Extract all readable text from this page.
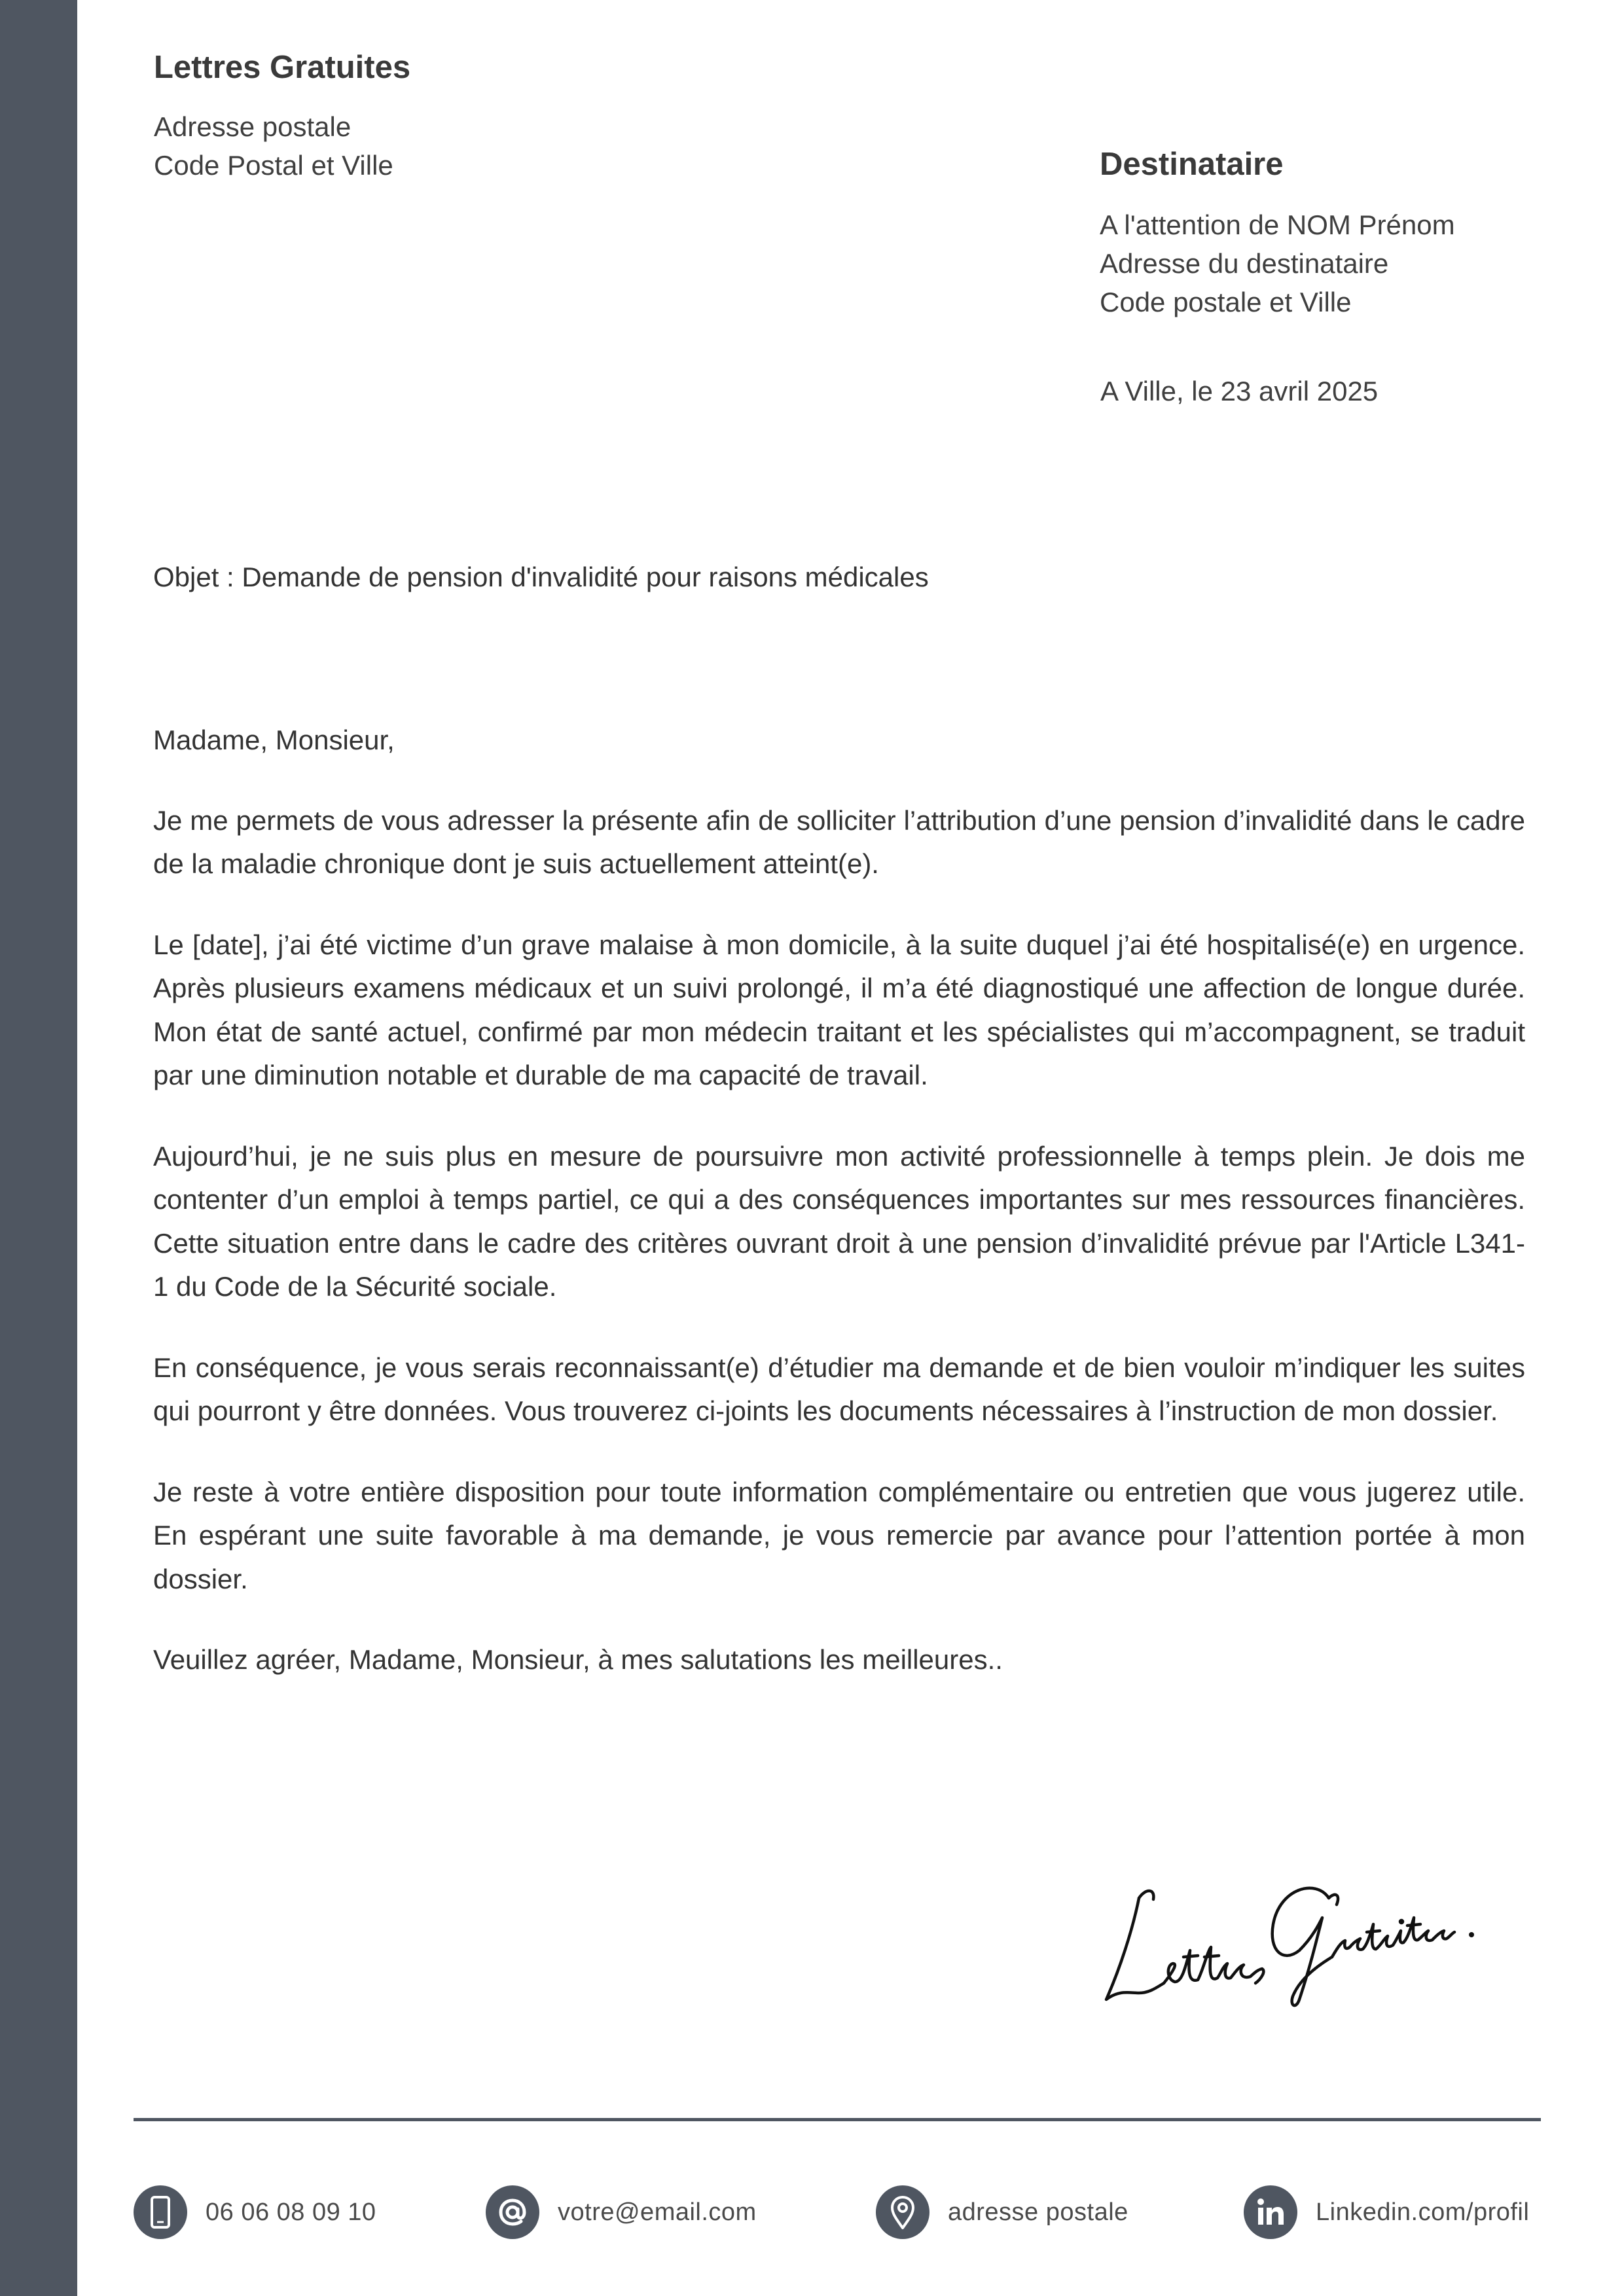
Lettres Gratuites
Adresse postale
Code Postal et Ville	Destinataire
A l'attention de NOM Prénom
Adresse du destinataire
Code postale et Ville
A Ville, le 23 avril 2025
Objet : Demande de pension d'invalidité pour raisons médicales

Madame, Monsieur,

Je me permets de vous adresser la présente afin de solliciter l’attribution d’une pension d’invalidité dans le cadre de la maladie chronique dont je suis actuellement atteint(e).

Le [date], j’ai été victime d’un grave malaise à mon domicile, à la suite duquel j’ai été hospitalisé(e) en urgence. Après plusieurs examens médicaux et un suivi prolongé, il m’a été diagnostiqué une affection de longue durée. Mon état de santé actuel, confirmé par mon médecin traitant et les spécialistes qui m’accompagnent, se traduit par une diminution notable et durable de ma capacité de travail.

Aujourd’hui, je ne suis plus en mesure de poursuivre mon activité professionnelle à temps plein. Je dois me contenter d’un emploi à temps partiel, ce qui a des conséquences importantes sur mes ressources financières. Cette situation entre dans le cadre des critères ouvrant droit à une pension d’invalidité prévue par l'Article L341-1 du Code de la Sécurité sociale.

En conséquence, je vous serais reconnaissant(e) d’étudier ma demande et de bien vouloir m’indiquer les suites qui pourront y être données. Vous trouverez ci-joints les documents nécessaires à l’instruction de mon dossier.

Je reste à votre entière disposition pour toute information complémentaire ou entretien que vous jugerez utile. En espérant une suite favorable à ma demande, je vous remercie par avance pour l’attention portée à mon dossier.

Veuillez agréer, Madame, Monsieur, à mes salutations les meilleures..

06 06 08 09 10	votre@email.com	adresse postale	Linkedin.com/profil
